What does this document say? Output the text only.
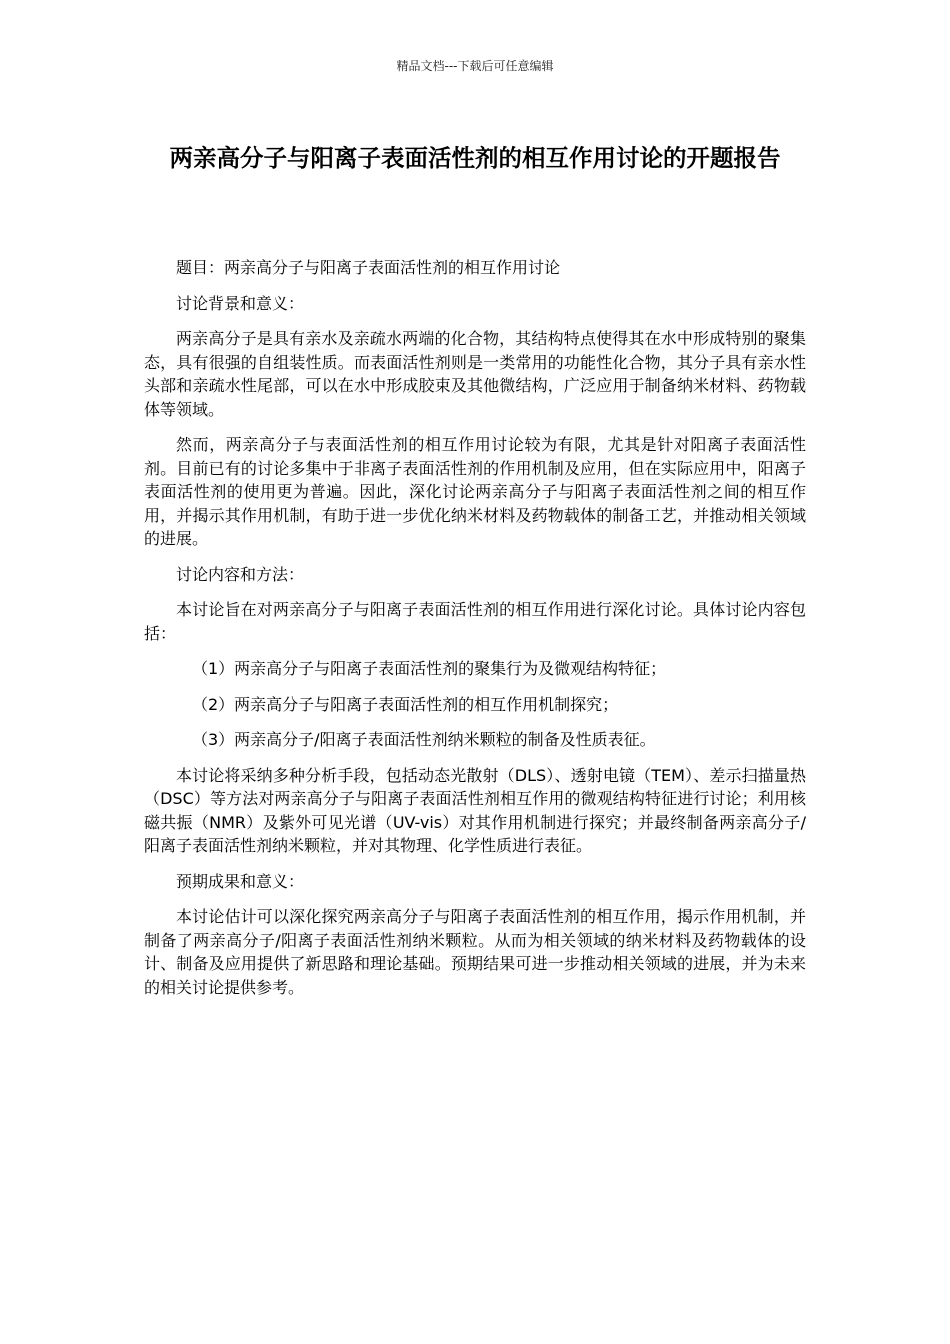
精品文档---下载后可任意编辑
两亲高分子与阳离子表面活性剂的相互作用讨论的开题报告

题目：两亲高分子与阳离子表面活性剂的相互作用讨论

讨论背景和意义：

两亲高分子是具有亲水及亲疏水两端的化合物，其结构特点使得其在水中形成特别的聚集态，具有很强的自组装性质。而表面活性剂则是一类常用的功能性化合物，其分子具有亲水性头部和亲疏水性尾部，可以在水中形成胶束及其他微结构，广泛应用于制备纳米材料、药物载体等领域。

然而，两亲高分子与表面活性剂的相互作用讨论较为有限，尤其是针对阳离子表面活性剂。目前已有的讨论多集中于非离子表面活性剂的作用机制及应用，但在实际应用中，阳离子表面活性剂的使用更为普遍。因此，深化讨论两亲高分子与阳离子表面活性剂之间的相互作用，并揭示其作用机制，有助于进一步优化纳米材料及药物载体的制备工艺，并推动相关领域的进展。

讨论内容和方法：

本讨论旨在对两亲高分子与阳离子表面活性剂的相互作用进行深化讨论。具体讨论内容包括：

（1）两亲高分子与阳离子表面活性剂的聚集行为及微观结构特征；

（2）两亲高分子与阳离子表面活性剂的相互作用机制探究；

（3）两亲高分子/阳离子表面活性剂纳米颗粒的制备及性质表征。

本讨论将采纳多种分析手段，包括动态光散射（DLS）、透射电镜（TEM）、差示扫描量热（DSC）等方法对两亲高分子与阳离子表面活性剂相互作用的微观结构特征进行讨论；利用核磁共振（NMR）及紫外可见光谱（UV-vis）对其作用机制进行探究；并最终制备两亲高分子/阳离子表面活性剂纳米颗粒，并对其物理、化学性质进行表征。

预期成果和意义：

本讨论估计可以深化探究两亲高分子与阳离子表面活性剂的相互作用，揭示作用机制，并制备了两亲高分子/阳离子表面活性剂纳米颗粒。从而为相关领域的纳米材料及药物载体的设计、制备及应用提供了新思路和理论基础。预期结果可进一步推动相关领域的进展，并为未来的相关讨论提供参考。
